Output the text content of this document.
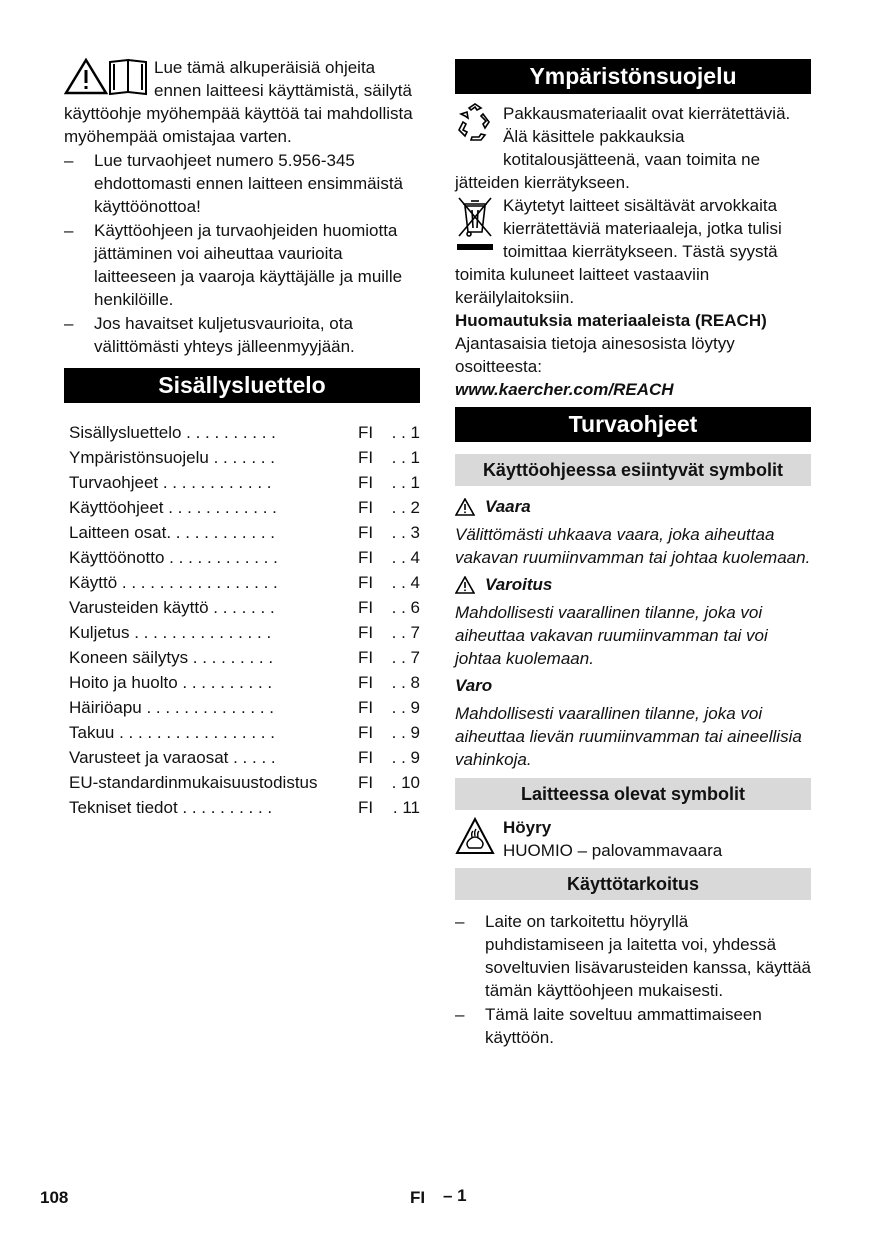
Lue tämä alkuperäisiä ohjeita ennen laitteesi käyttämistä, säilytä käyttöohje myöhempää käyttöä tai mahdollista myöhempää omistajaa varten.

– Lue turvaohjeet numero 5.956-345 ehdottomasti ennen laitteen ensimmäistä käyttöönottoa!
– Käyttöohjeen ja turvaohjeiden huomiotta jättäminen voi aiheuttaa vaurioita laitteeseen ja vaaroja käyttäjälle ja muille henkilöille.
– Jos havaitset kuljetusvaurioita, ota välittömästi yhteys jälleenmyyjään.
Sisällysluettelo
Sisällysluettelo . . . . . . . . . .	FI	. . 1
Ympäristönsuojelu . . . . . . .	FI	. . 1
Turvaohjeet . . . . . . . . . . . .	FI	. . 1
Käyttöohjeet . . . . . . . . . . . .	FI	. . 2
Laitteen osat. . . . . . . . . . . .	FI	. . 3
Käyttöönotto . . . . . . . . . . . .	FI	. . 4
Käyttö . . . . . . . . . . . . . . . . .	FI	. . 4
Varusteiden käyttö . . . . . . .	FI	. . 6
Kuljetus . . . . . . . . . . . . . . .	FI	. . 7
Koneen säilytys . . . . . . . . .	FI	. . 7
Hoito ja huolto . . . . . . . . . .	FI	. . 8
Häiriöapu . . . . . . . . . . . . . .	FI	. . 9
Takuu . . . . . . . . . . . . . . . . .	FI	. . 9
Varusteet ja varaosat . . . . .	FI	. . 9
EU-standardinmukaisuustodistus	FI	. 10
Tekniset tiedot . . . . . . . . . .	FI	. 11
Ympäristönsuojelu

Pakkausmateriaalit ovat kierrätettäviä. Älä käsittele pakkauksia kotitalousjätteenä, vaan toimita ne jätteiden kierrätykseen.

Käytetyt laitteet sisältävät arvokkaita kierrätettäviä materiaaleja, jotka tulisi toimittaa kierrätykseen. Tästä syystä toimita kuluneet laitteet vastaaviin keräilylaitoksiin.

Huomautuksia materiaaleista (REACH)

Ajantasaisia tietoja ainesosista löytyy osoitteesta:

www.kaercher.com/REACH

Turvaohjeet
Käyttöohjeessa esiintyvät symbolit
Vaara

Välittömästi uhkaava vaara, joka aiheuttaa vakavan ruumiinvamman tai johtaa kuolemaan.

Varoitus

Mahdollisesti vaarallinen tilanne, joka voi aiheuttaa vakavan ruumiinvamman tai voi johtaa kuolemaan.

Varo

Mahdollisesti vaarallinen tilanne, joka voi aiheuttaa lievän ruumiinvamman tai aineellisia vahinkoja.

Laitteessa olevat symbolit

Höyry

HUOMIO – palovammavaara

Käyttötarkoitus
– Laite on tarkoitettu höyryllä puhdistamiseen ja laitetta voi, yhdessä soveltuvien lisävarusteiden kanssa, käyttää tämän käyttöohjeen mukaisesti.
– Tämä laite soveltuu ammattimaiseen käyttöön.
108	FI – 1
